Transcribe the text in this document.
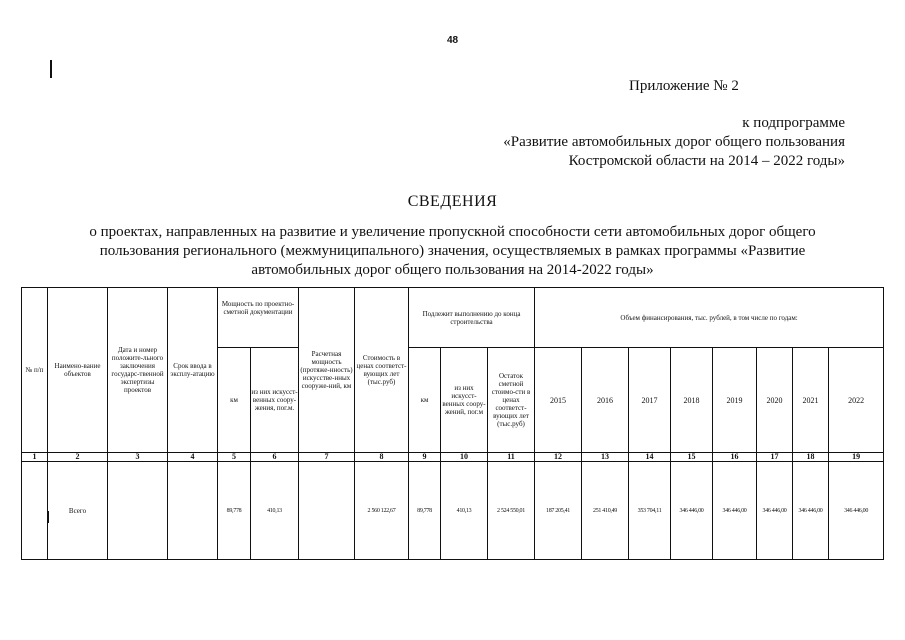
48
Приложение № 2
к подпрограмме
«Развитие автомобильных дорог общего пользования
Костромской области на 2014 – 2022 годы»
СВЕДЕНИЯ
о проектах, направленных на развитие и увеличение пропускной способности сети автомобильных дорог общего
пользования регионального (межмуниципального) значения, осуществляемых в рамках программы «Развитие
автомобильных дорог общего пользования на 2014-2022 годы»
№ п/п	Наимено-вание объектов	Дата и номер положите-льного заключения государс-твенной экспертизы проектов	Срок ввода в эксплу-атацию	Мощность по проектно-сметной документации		Расчетная мощность (протяже-нность) искусстве-нных сооруже-ний, км	Стоимость в ценах соответст-вующих лет (тыс.руб)	Подлежит выполнению до конца строительства			Объем финансирования, тыс. рублей, в том числе по годам:							
				км	из них искусст-венных соору-жения, пог.м.			км	из них искусст-венных соору-жений, пог.м	Остаток сметной стоимо-сти в ценах соответст-вующих лет (тыс.руб)	2015	2016	2017	2018	2019	2020	2021	2022
1	2	3	4	5	6	7	8	9	10	11	12	13	14	15	16	17	18	19
	Всего			89,778	410,13		2 560 122,67	89,778	410,13	2 524 550,01	187 205,41	251 410,49	353 704,11	346 446,00	346 446,00	346 446,00	346 446,00	346 446,00
